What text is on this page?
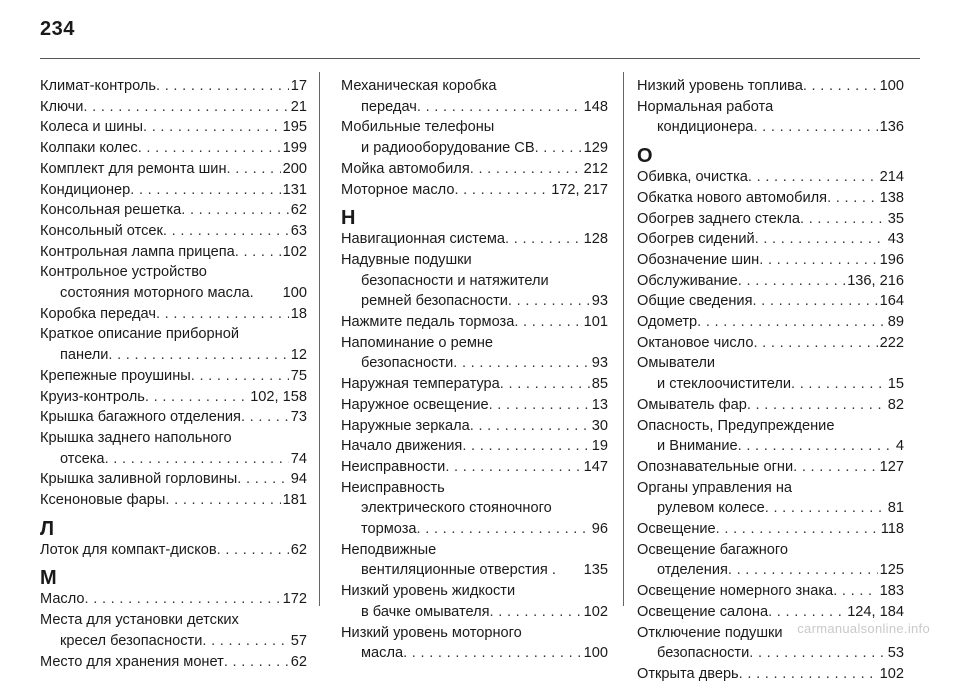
234
Климат-контроль . . .	17
Ключи . . .	21
Колеса и шины . . .	195
Колпаки колес . . .	199
Комплект для ремонта шин . . .	200
Кондиционер . . .	131
Консольная решетка . . .	62
Консольный отсек . . .	63
Контрольная лампа прицепа . . .	102
Контрольное устройство
состояния моторного масла. 100
Коробка передач . . .	18
Краткое описание приборной
панели . . .	12
Крепежные проушины . . .	75
Круиз-контроль . . .	102, 158
Крышка багажного отделения . . .	73
Крышка заднего напольного
отсека . . .	74
Крышка заливной горловины . . .	94
Ксеноновые фары . . .	181
Л
Лоток для компакт-дисков . . .	62
М
Масло . . .	172
Места для установки детских
кресел безопасности . . .	57
Место для хранения монет . . .	62
Механическая коробка
передач . . .	148
Мобильные телефоны
и радиооборудование СВ . . .	129
Мойка автомобиля . . .	212
Моторное масло . . .	172, 217
Н
Навигационная система . . .	128
Надувные подушки
безопасности и натяжители
ремней безопасности . . .	93
Нажмите педаль тормоза . . .	101
Напоминание о ремне
безопасности . . .	93
Наружная температура . . .	85
Наружное освещение . . .	13
Наружные зеркала . . .	30
Начало движения . . .	19
Неисправности . . .	147
Неисправность
электрического стояночного
тормоза . . .	96
Неподвижные
вентиляционные отверстия . 135
Низкий уровень жидкости
в бачке омывателя . . .	102
Низкий уровень моторного
масла . . .	100
Низкий уровень топлива . . .	100
Нормальная работа
кондиционера . . .	136
О
Обивка, очистка . . .	214
Обкатка нового автомобиля . . .	138
Обогрев заднего стекла . . .	35
Обогрев сидений . . .	43
Обозначение шин . . .	196
Обслуживание . . .	136, 216
Общие сведения . . .	164
Одометр . . .	89
Октановое число . . .	222
Омыватели
и стеклоочистители . . .	15
Омыватель фар . . .	82
Опасность, Предупреждение
и Внимание . . .	4
Опознавательные огни . . .	127
Органы управления на
рулевом колесе . . .	81
Освещение . . .	118
Освещение багажного
отделения . . .	125
Освещение номерного знака . . .	183
Освещение салона . . .	124, 184
Отключение подушки
безопасности . . .	53
Открыта дверь . . .	102
carmanualsonline.info
